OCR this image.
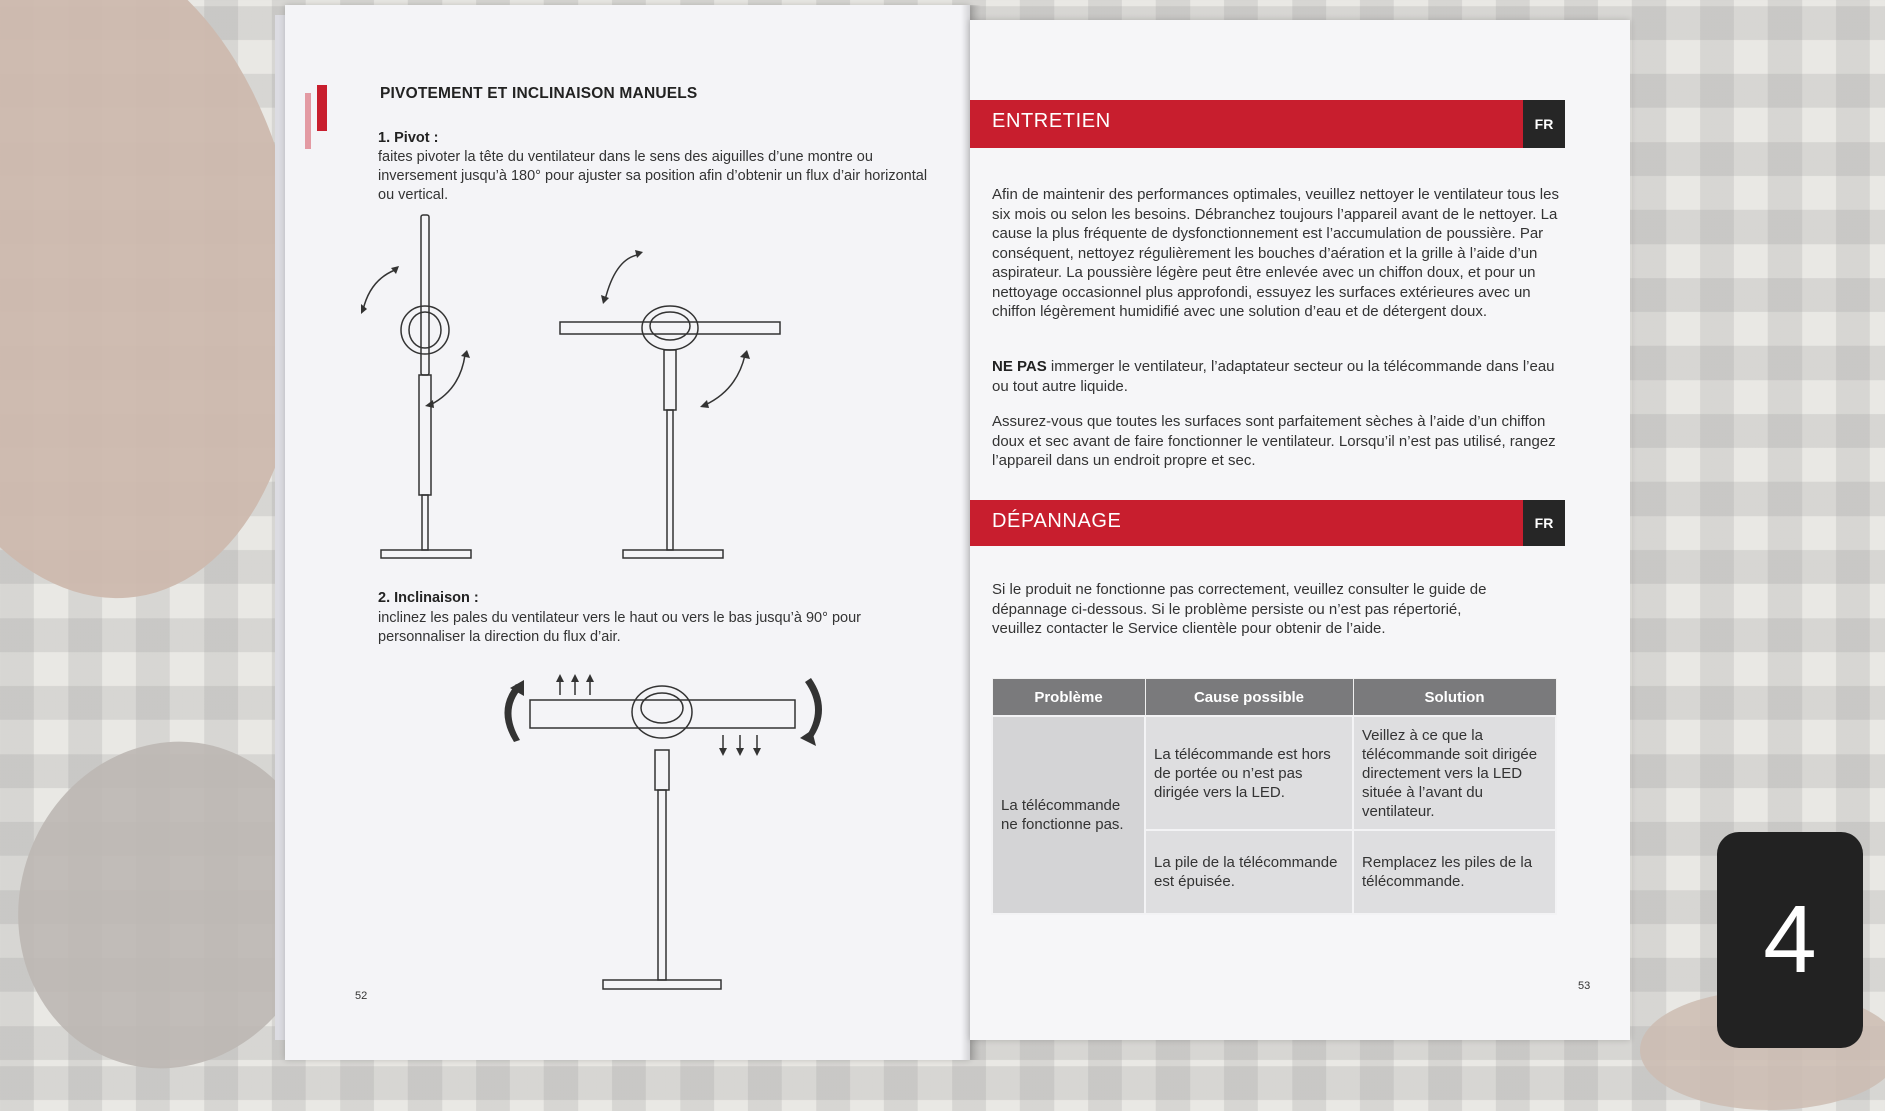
PIVOTEMENT ET INCLINAISON MANUELS
1. Pivot :
faites pivoter la tête du ventilateur dans le sens des aiguilles d’une montre ou inversement jusqu’à 180° pour ajuster sa position afin d’obtenir un flux d’air horizontal ou vertical.
2. Inclinaison :
inclinez les pales du ventilateur vers le haut ou vers le bas jusqu’à 90° pour personnaliser la direction du flux d’air.
52
ENTRETIEN	FR
Afin de maintenir des performances optimales, veuillez nettoyer le ventilateur tous les six mois ou selon les besoins. Débranchez toujours l’appareil avant de le nettoyer. La cause la plus fréquente de dysfonctionnement est l’accumulation de poussière. Par conséquent, nettoyez régulièrement les bouches d’aération et la grille à l’aide d’un aspirateur. La poussière légère peut être enlevée avec un chiffon doux, et pour un nettoyage occasionnel plus approfondi, essuyez les surfaces extérieures avec un chiffon légèrement humidifié avec une solution d’eau et de détergent doux.
NE PAS immerger le ventilateur, l’adaptateur secteur ou la télécommande dans l’eau ou tout autre liquide.
Assurez-vous que toutes les surfaces sont parfaitement sèches à l’aide d’un chiffon doux et sec avant de faire fonctionner le ventilateur. Lorsqu’il n’est pas utilisé, rangez l’appareil dans un endroit propre et sec.
DÉPANNAGE	FR
Si le produit ne fonctionne pas correctement, veuillez consulter le guide de dépannage ci-dessous. Si le problème persiste ou n’est pas répertorié, veuillez contacter le Service clientèle pour obtenir de l’aide.
Problème	Cause possible	Solution
La télécommande ne fonctionne pas.	La télécommande est hors de portée ou n’est pas dirigée vers la LED.	Veillez à ce que la télécommande soit dirigée directement vers la LED située à l’avant du ventilateur.
	La pile de la télécommande est épuisée.	Remplacez les piles de la télécommande.
53	4
